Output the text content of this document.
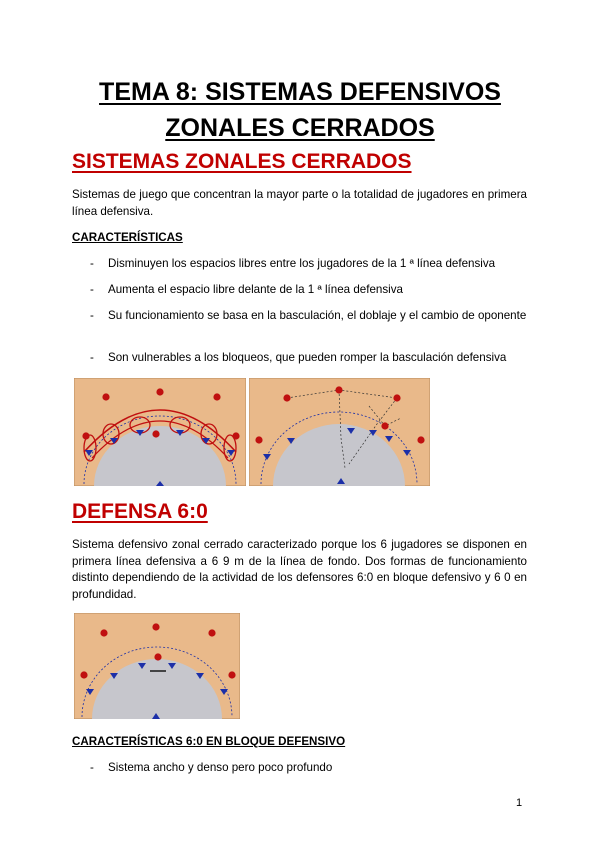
TEMA 8: SISTEMAS DEFENSIVOS
ZONALES CERRADOS
SISTEMAS ZONALES CERRADOS

Sistemas de juego que concentran la mayor parte o la totalidad de jugadores en primera línea defensiva.

CARACTERÍSTICAS

- Disminuyen los espacios libres entre los jugadores de la 1 ª línea defensiva
- Aumenta el espacio libre delante de la 1 ª línea defensiva
- Su funcionamiento se basa en la basculación, el doblaje y el cambio de oponente
- Son vulnerables a los bloqueos, que pueden romper la basculación defensiva
DEFENSA 6:0

Sistema defensivo zonal cerrado caracterizado porque los 6 jugadores se disponen en primera línea defensiva a 6 9 m de la línea de fondo. Dos formas de funcionamiento distinto dependiendo de la actividad de los defensores 6:0 en bloque defensivo y 6 0 en profundidad.

CARACTERÍSTICAS 6:0 EN BLOQUE DEFENSIVO

- Sistema ancho y denso pero poco profundo
1
